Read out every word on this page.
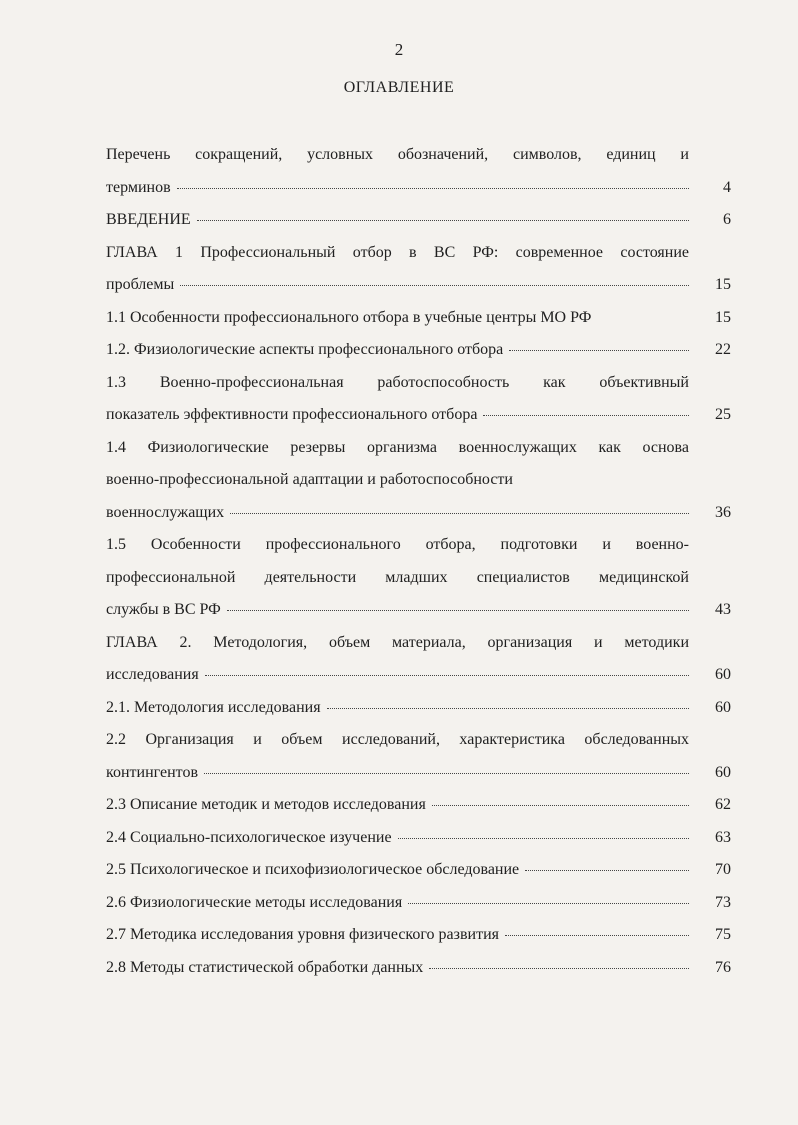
2
ОГЛАВЛЕНИЕ
Перечень сокращений, условных обозначений, символов, единиц и
терминов	4
ВВЕДЕНИЕ	6
ГЛАВА 1 Профессиональный отбор в ВС РФ: современное состояние
проблемы	15
1.1 Особенности профессионального отбора в учебные центры МО РФ	15
1.2. Физиологические аспекты профессионального отбора	22
1.3 Военно-профессиональная работоспособность как объективный
показатель эффективности профессионального отбора	25
1.4 Физиологические резервы организма военнослужащих как основа
военно-профессиональной адаптации и работоспособности
военнослужащих	36
1.5 Особенности профессионального отбора, подготовки и военно-
профессиональной деятельности младших специалистов медицинской
службы в ВС РФ	43
ГЛАВА 2. Методология, объем материала, организация и методики
исследования	60
2.1. Методология исследования	60
2.2 Организация и объем исследований, характеристика обследованных
контингентов	60
2.3 Описание методик и методов исследования	62
2.4 Социально-психологическое изучение	63
2.5 Психологическое и психофизиологическое обследование	70
2.6 Физиологические методы исследования	73
2.7 Методика исследования уровня физического развития	75
2.8 Методы статистической обработки данных	76
